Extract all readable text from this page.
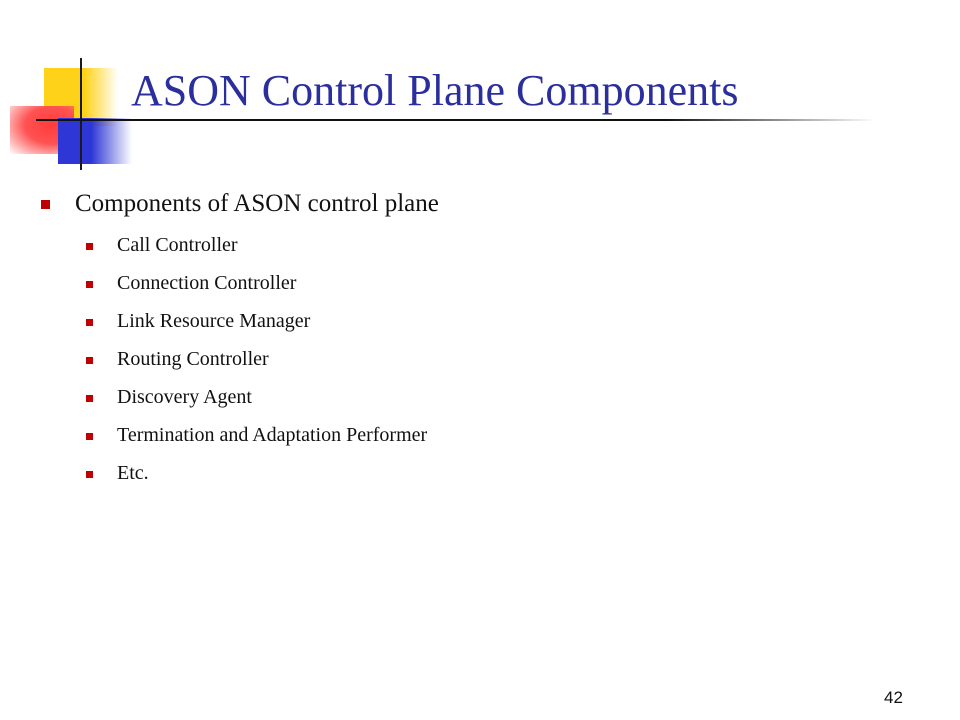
ASON Control Plane Components
Components of ASON control plane
Call Controller
Connection Controller
Link Resource Manager
Routing Controller
Discovery Agent
Termination and Adaptation Performer
Etc.
42
